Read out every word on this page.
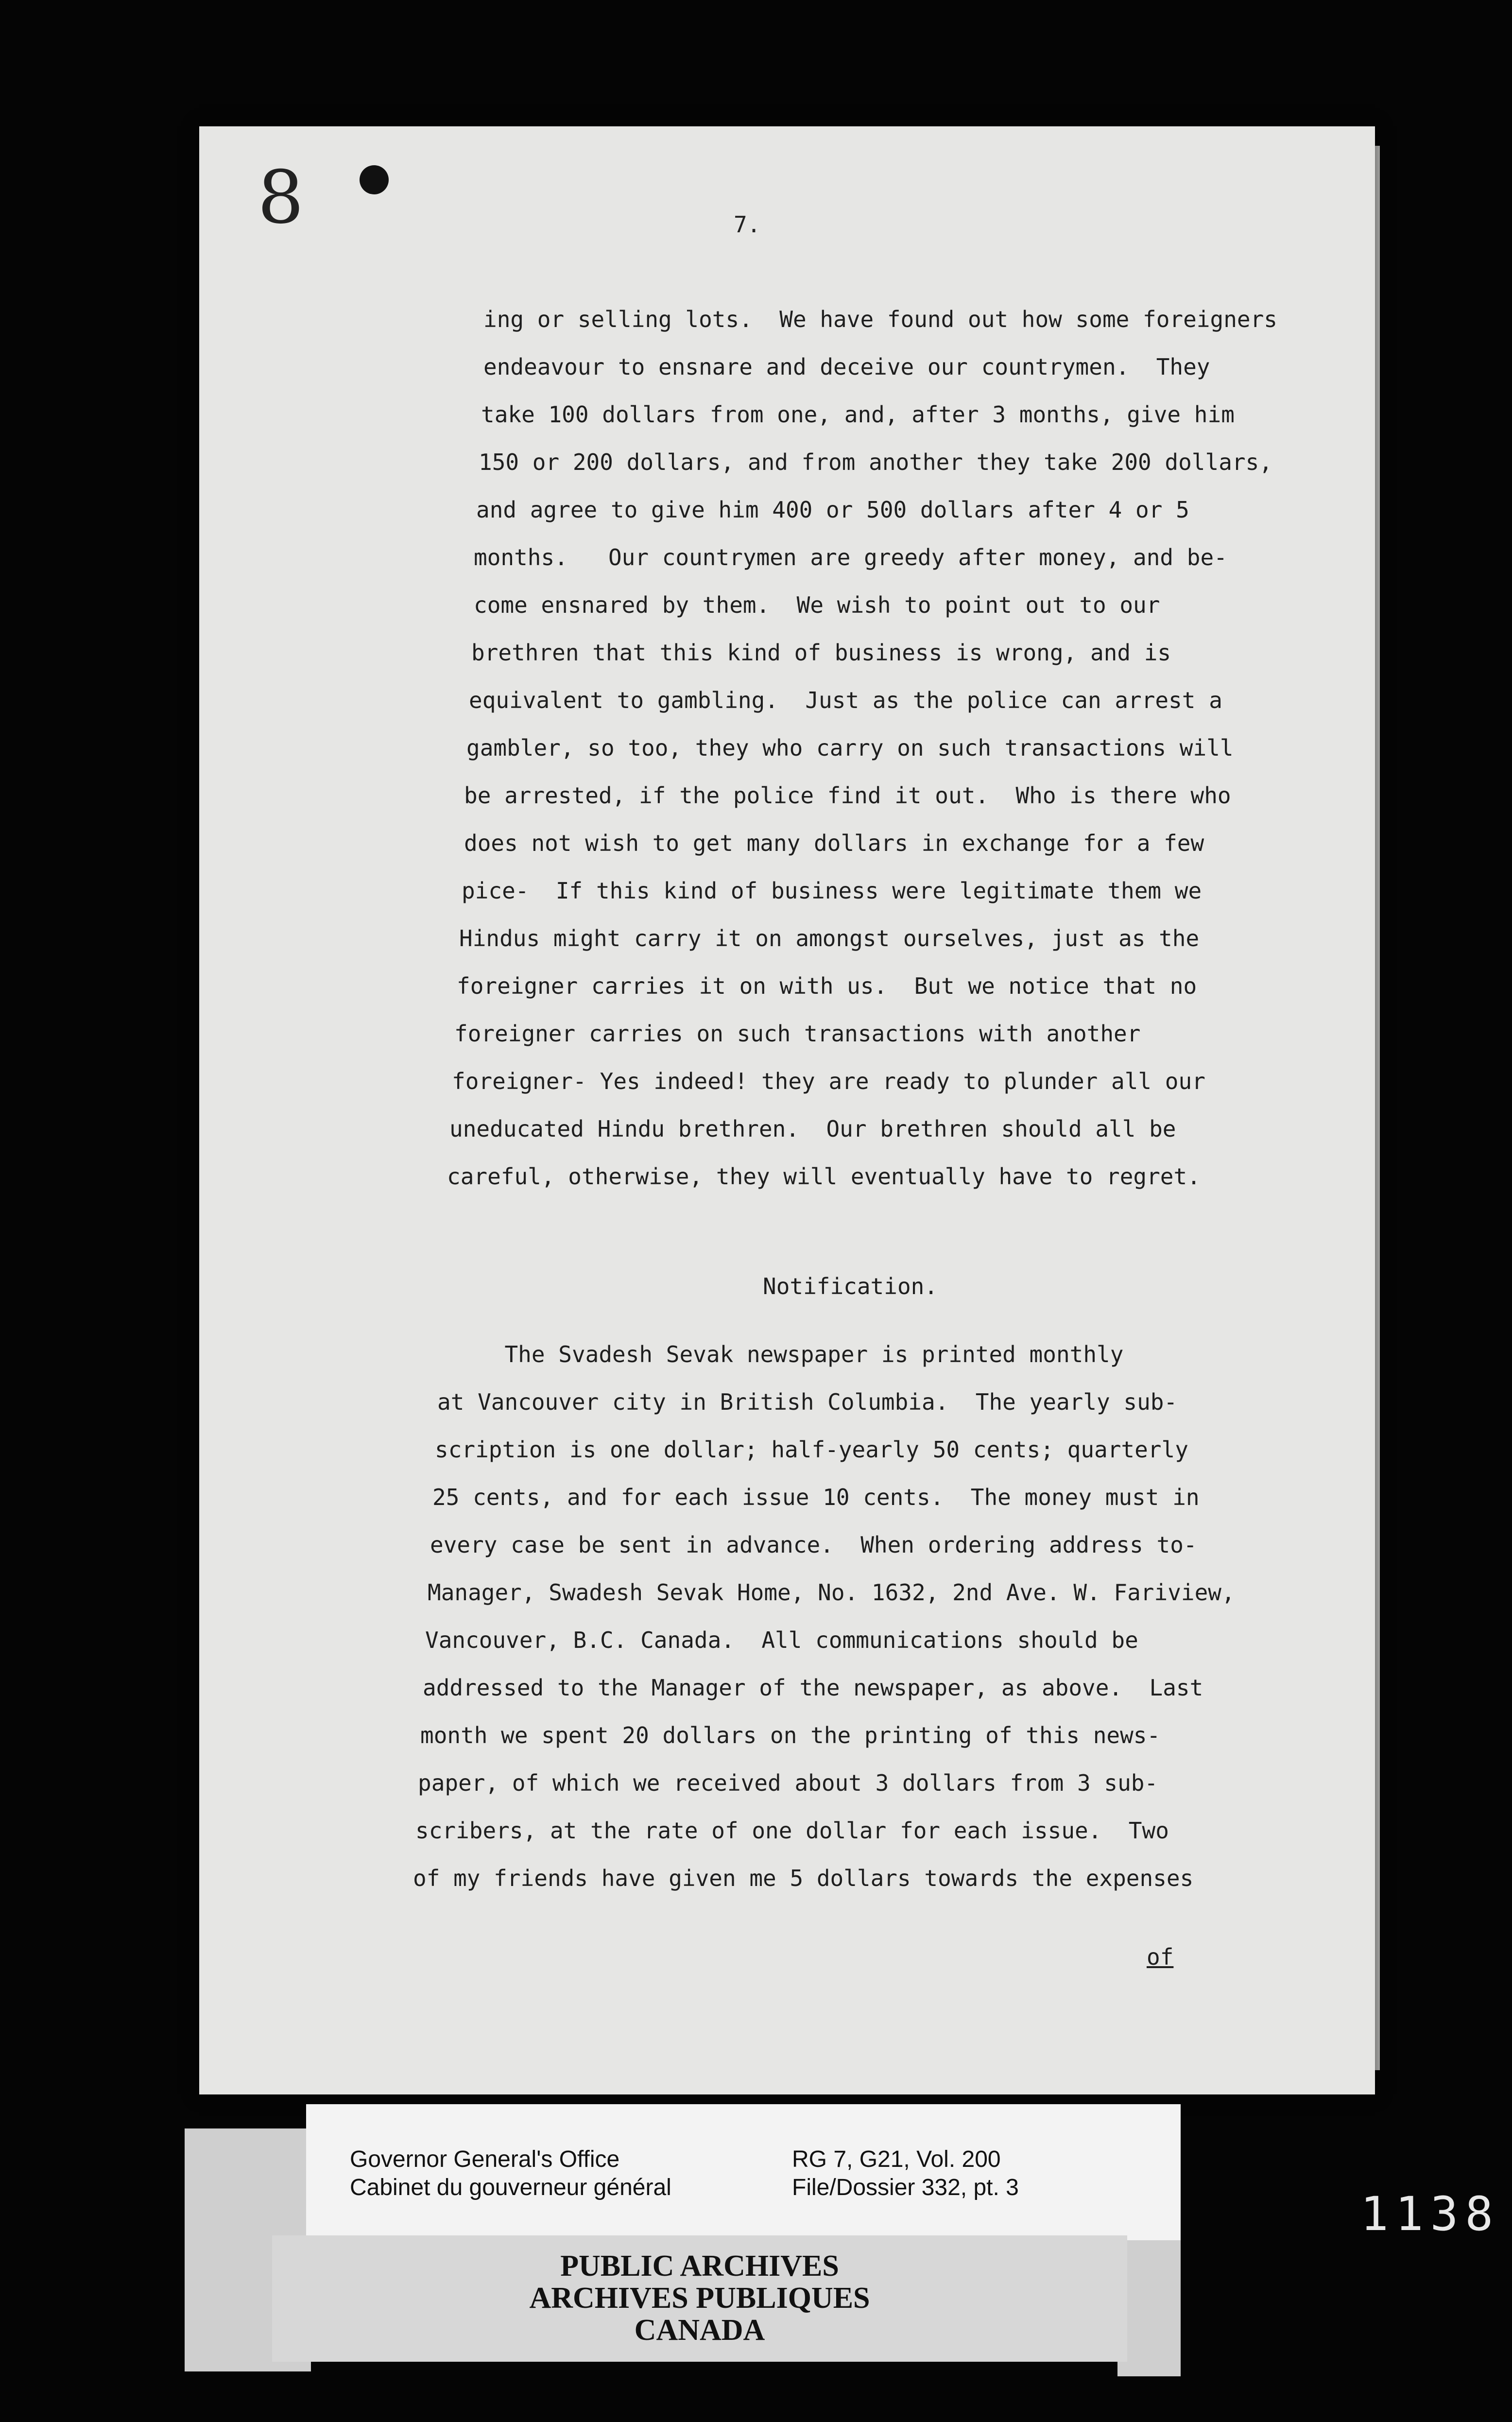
8	7.
ing or selling lots.  We have found out how some foreigners
endeavour to ensnare and deceive our countrymen.  They
take 100 dollars from one, and, after 3 months, give him
150 or 200 dollars, and from another they take 200 dollars,
and agree to give him 400 or 500 dollars after 4 or 5
months.   Our countrymen are greedy after money, and be-
come ensnared by them.  We wish to point out to our
brethren that this kind of business is wrong, and is
equivalent to gambling.  Just as the police can arrest a
gambler, so too, they who carry on such transactions will
be arrested, if the police find it out.  Who is there who
does not wish to get many dollars in exchange for a few
pice-  If this kind of business were legitimate them we
Hindus might carry it on amongst ourselves, just as the
foreigner carries it on with us.  But we notice that no
foreigner carries on such transactions with another
foreigner- Yes indeed! they are ready to plunder all our
uneducated Hindu brethren.  Our brethren should all be
careful, otherwise, they will eventually have to regret.
Notification.
The Svadesh Sevak newspaper is printed monthly
at Vancouver city in British Columbia.  The yearly sub-
scription is one dollar; half-yearly 50 cents; quarterly
25 cents, and for each issue 10 cents.  The money must in
every case be sent in advance.  When ordering address to-
Manager, Swadesh Sevak Home, No. 1632, 2nd Ave. W. Fariview,
Vancouver, B.C. Canada.  All communications should be
addressed to the Manager of the newspaper, as above.  Last
month we spent 20 dollars on the printing of this news-
paper, of which we received about 3 dollars from 3 sub-
scribers, at the rate of one dollar for each issue.  Two
of my friends have given me 5 dollars towards the expenses
of
Governor General's Office
Cabinet du gouverneur général
RG 7, G21, Vol. 200
File/Dossier 332, pt. 3
PUBLIC ARCHIVES
ARCHIVES PUBLIQUES
CANADA
1138
